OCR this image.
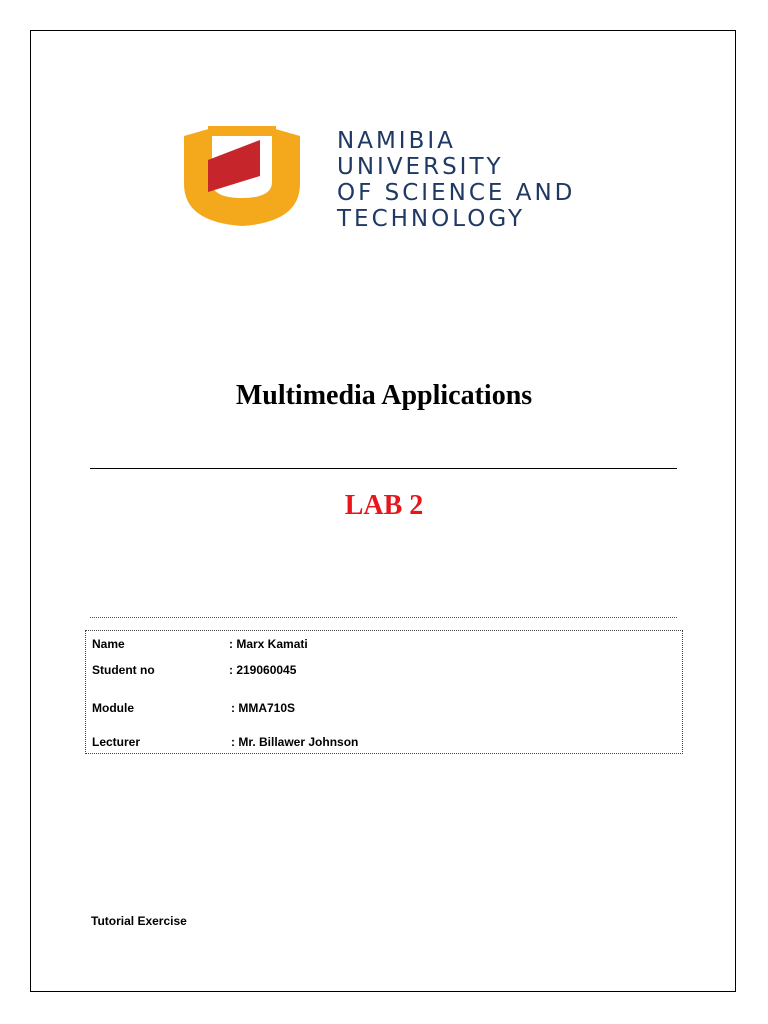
NAMIBIA
UNIVERSITY
OF SCIENCE AND
TECHNOLOGY
Multimedia Applications
LAB 2
Name	: Marx Kamati
Student no	: 219060045
Module	: MMA710S
Lecturer	: Mr. Billawer Johnson
Tutorial Exercise
